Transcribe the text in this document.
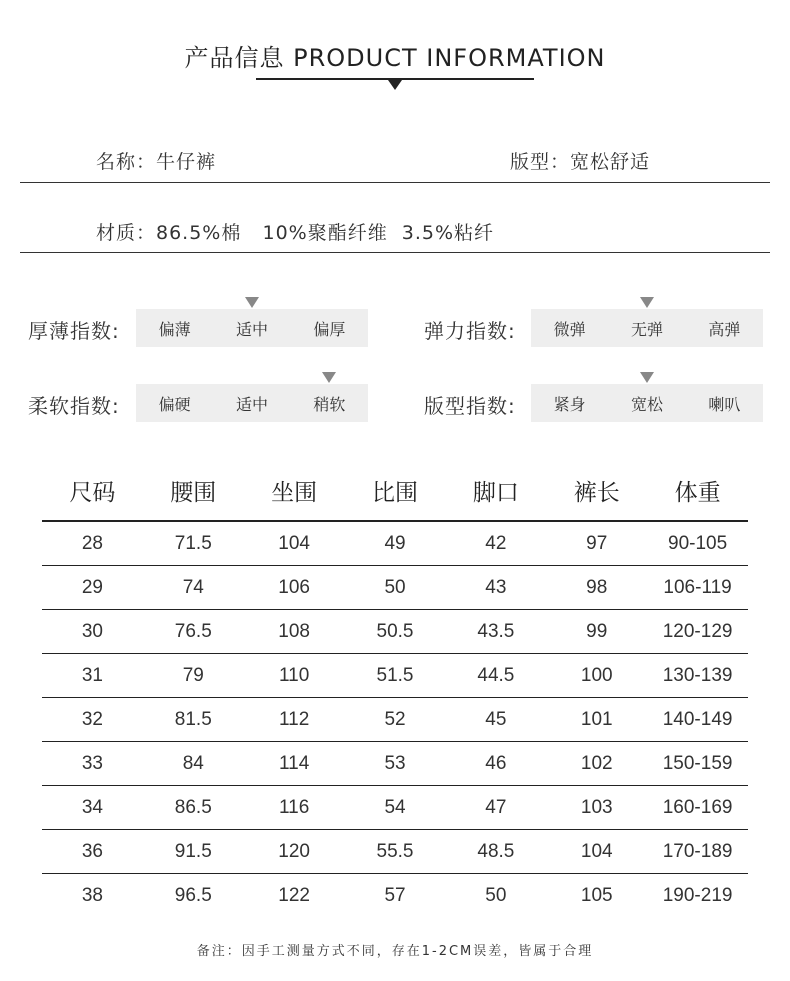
产品信息 PRODUCT INFORMATION
名称：牛仔裤	版型：宽松舒适
材质：86.5%棉   10%聚酯纤维  3.5%粘纤
厚薄指数:	偏薄	适中	偏厚	弹力指数:	微弹	无弹	高弹
柔软指数:	偏硬	适中	稍软	版型指数:	紧身	宽松	喇叭
尺码	腰围	坐围	比围	脚口	裤长	体重
28	71.5	104	49	42	97	90-105
29	74	106	50	43	98	106-119
30	76.5	108	50.5	43.5	99	120-129
31	79	110	51.5	44.5	100	130-139
32	81.5	112	52	45	101	140-149
33	84	114	53	46	102	150-159
34	86.5	116	54	47	103	160-169
36	91.5	120	55.5	48.5	104	170-189
38	96.5	122	57	50	105	190-219
备注：因手工测量方式不同，存在1-2CM误差，皆属于合理
